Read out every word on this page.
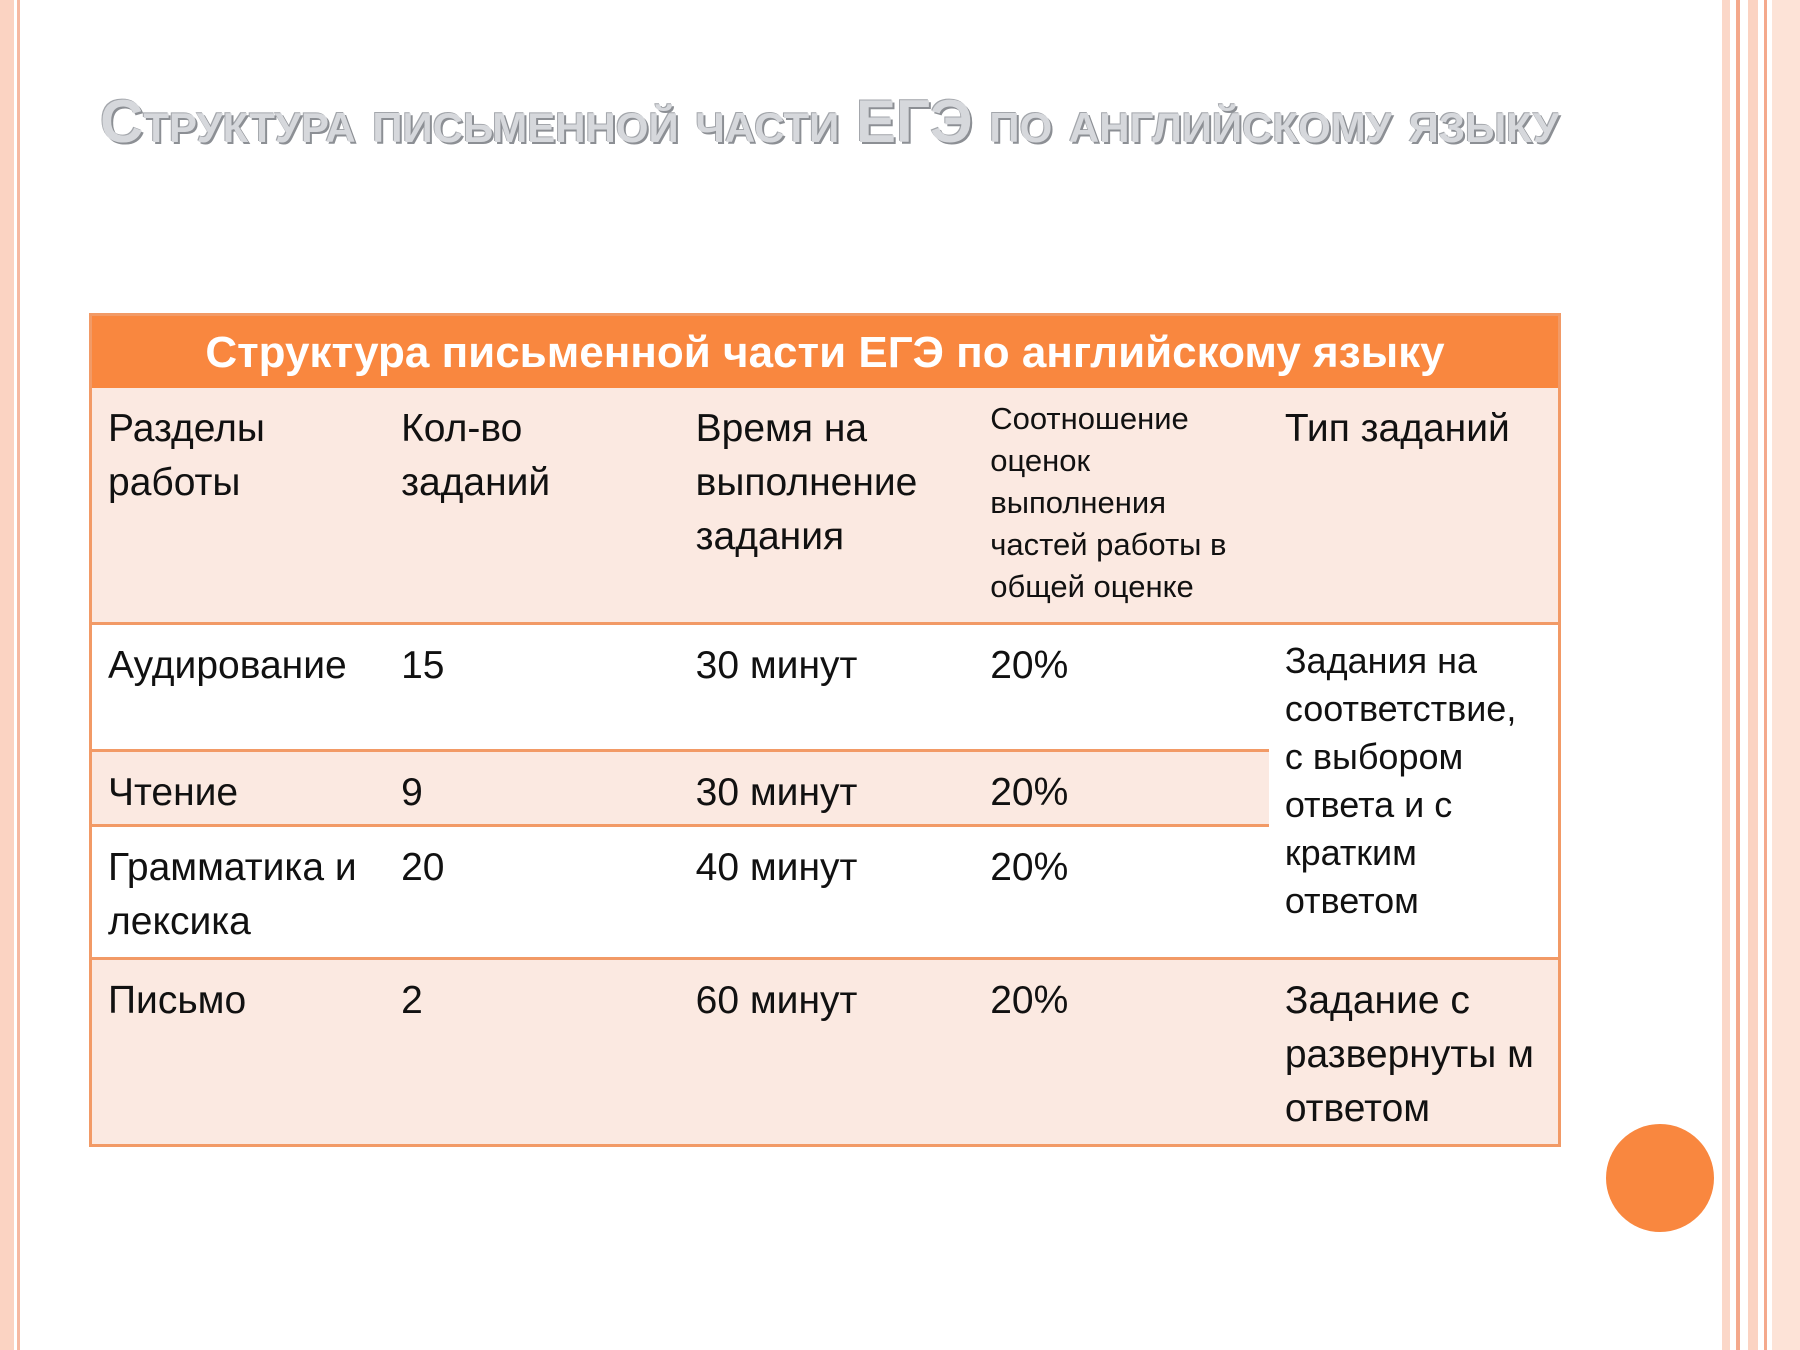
Структура письменной части ЕГЭ по английскому языку
Структура письменной части ЕГЭ по английскому языку				
Разделы работы	Кол-во заданий	Время на выполнение задания	Соотношение оценок выполнения частей работы в общей оценке	Тип заданий
Аудирование	15	30 минут	20%	Задания на соответствие, с выбором ответа и с кратким ответом
Чтение	9	30 минут	20%	
Грамматика и лексика	20	40 минут	20%	
Письмо	2	60 минут	20%	Задание с развернуты м ответом
